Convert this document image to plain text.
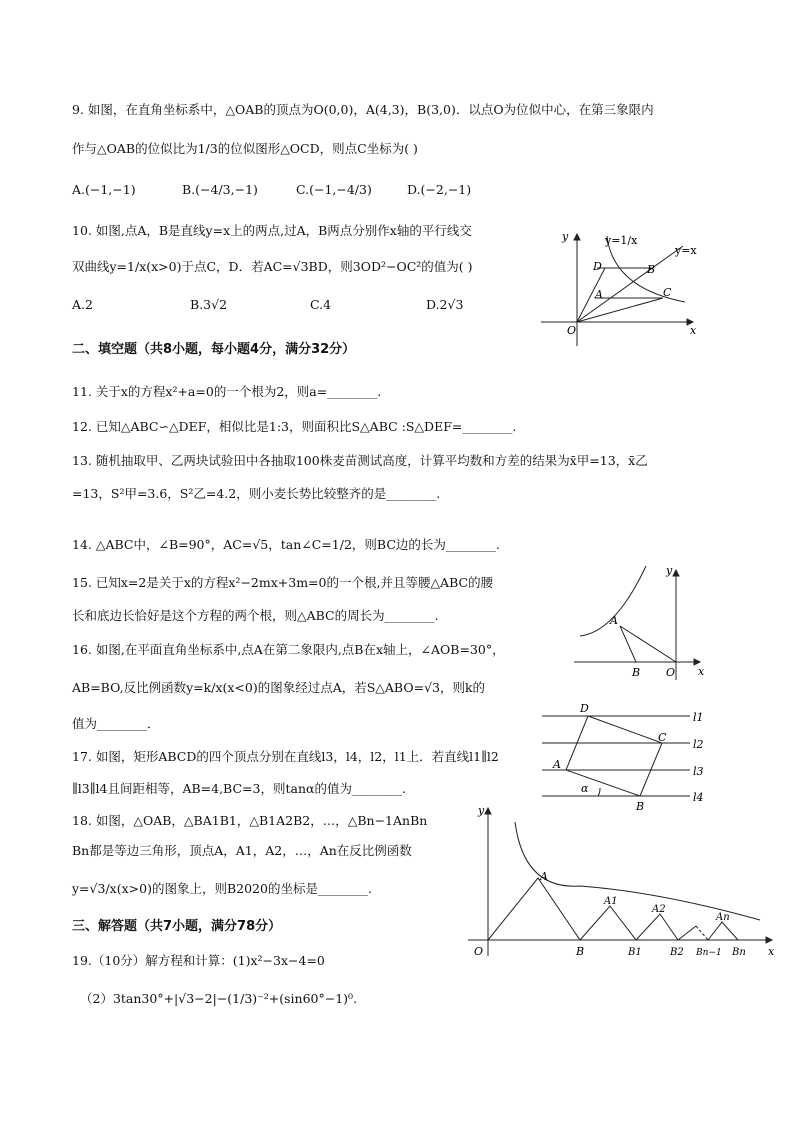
9. 如图，在直角坐标系中，△OAB的顶点为O(0,0)，A(4,3)，B(3,0)．以点O为位似中心，在第三象限内
作与△OAB的位似比为1/3的位似图形△OCD，则点C坐标为( )
A.(−1,−1)	B.(−4/3,−1)	C.(−1,−4/3)	D.(−2,−1)
10. 如图,点A，B是直线y=x上的两点,过A，B两点分别作x轴的平行线交
双曲线y=1/x(x>0)于点C，D．若AC=√3BD，则3OD²−OC²的值为( )
A.2	B.3√2	C.4	D.2√3
y=1/x
y=x
y
x
O
A
B
C
D
二、填空题（共8小题，每小题4分，满分32分）
11. 关于x的方程x²+a=0的一个根为2，则a=________.
12. 已知△ABC∽△DEF，相似比是1:3，则面积比S△ABC :S△DEF=________.
13. 随机抽取甲、乙两块试验田中各抽取100株麦苗测试高度，计算平均数和方差的结果为x̄甲=13，x̄乙
=13，S²甲=3.6，S²乙=4.2，则小麦长势比较整齐的是________.
14. △ABC中，∠B=90°，AC=√5，tan∠C=1/2，则BC边的长为________.
15. 已知x=2是关于x的方程x²−2mx+3m=0的一个根,并且等腰△ABC的腰
长和底边长恰好是这个方程的两个根，则△ABC的周长为________.
y
x
A
B O
16. 如图,在平面直角坐标系中,点A在第二象限内,点B在x轴上，∠AOB=30°，
AB=BO,反比例函数y=k/x(x<0)的图象经过点A，若S△ABO=√3，则k的
值为________．
D
C
A
B
α
l1
l2
l3
l4
17. 如图，矩形ABCD的四个顶点分别在直线l3，l4，l2，l1上．若直线l1∥l2
∥l3∥l4且间距相等，AB=4,BC=3，则tanα的值为________.
18. 如图，△OAB，△BA1B1，△B1A2B2，…，△Bn−1AnBn
Bn都是等边三角形，顶点A，A1，A2，…，An在反比例函数
y=√3/x(x>0)的图象上，则B2020的坐标是________.
y
x
O
A
A1
A2
An
B	B1	B2 Bn−1 Bn
三、解答题（共7小题，满分78分）
19.（10分）解方程和计算：(1)x²−3x−4=0
（2）3tan30°+|√3−2|−(1/3)⁻²+(sin60°−1)⁰.
